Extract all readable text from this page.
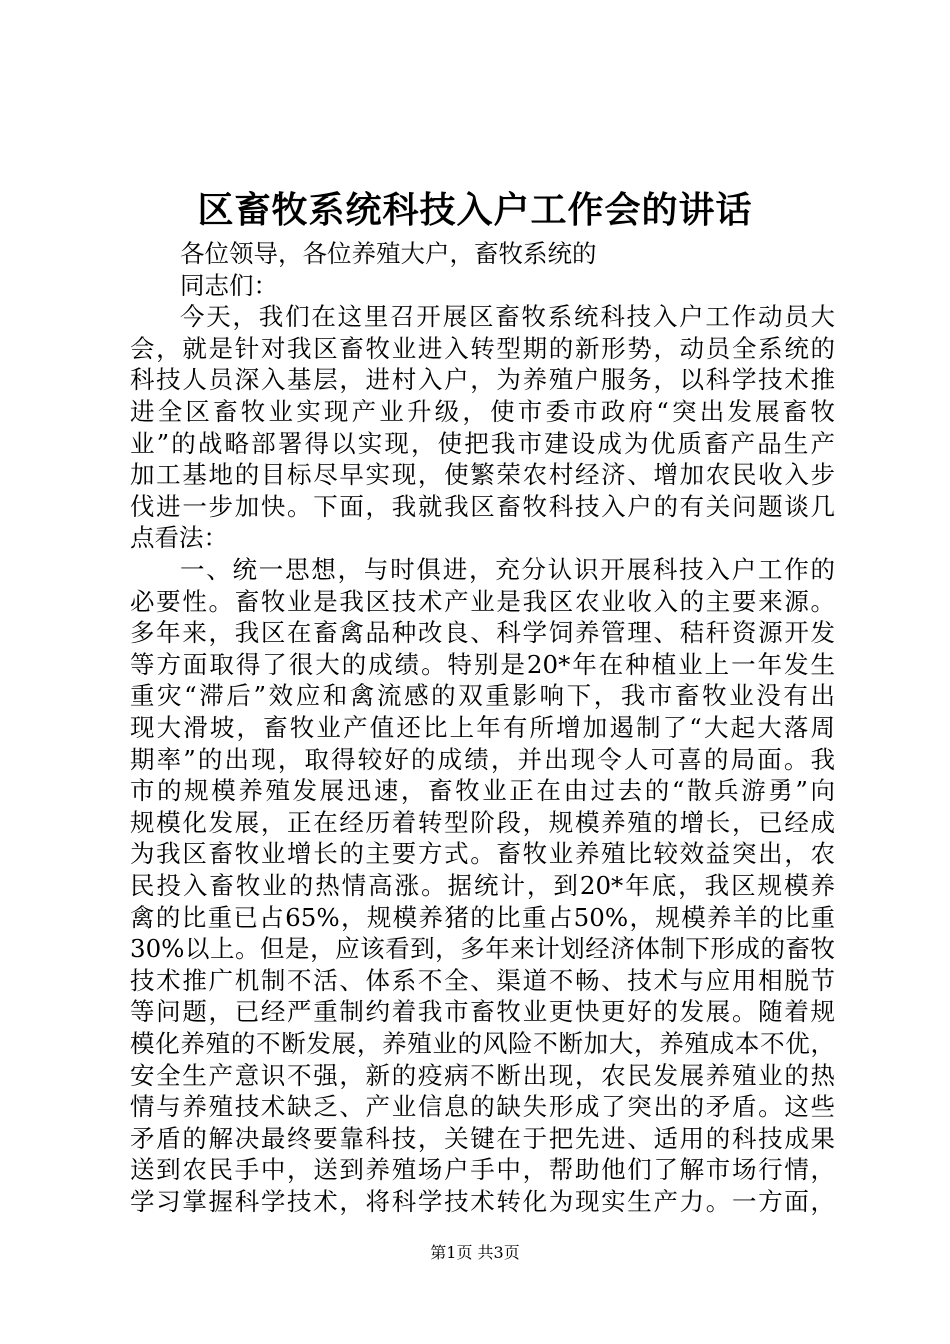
区畜牧系统科技入户工作会的讲话
各位领导，各位养殖大户，畜牧系统的
同志们：
今天，我们在这里召开展区畜牧系统科技入户工作动员大
会，就是针对我区畜牧业进入转型期的新形势，动员全系统的
科技人员深入基层，进村入户，为养殖户服务，以科学技术推
进全区畜牧业实现产业升级，使市委市政府“突出发展畜牧
业”的战略部署得以实现，使把我市建设成为优质畜产品生产
加工基地的目标尽早实现，使繁荣农村经济、增加农民收入步
伐进一步加快。下面，我就我区畜牧科技入户的有关问题谈几
点看法：
一、统一思想，与时俱进，充分认识开展科技入户工作的
必要性。畜牧业是我区技术产业是我区农业收入的主要来源。
多年来，我区在畜禽品种改良、科学饲养管理、秸秆资源开发
等方面取得了很大的成绩。特别是20*年在种植业上一年发生
重灾“滞后”效应和禽流感的双重影响下，我市畜牧业没有出
现大滑坡，畜牧业产值还比上年有所增加遏制了“大起大落周
期率”的出现，取得较好的成绩，并出现令人可喜的局面。我
市的规模养殖发展迅速，畜牧业正在由过去的“散兵游勇”向
规模化发展，正在经历着转型阶段，规模养殖的增长，已经成
为我区畜牧业增长的主要方式。畜牧业养殖比较效益突出，农
民投入畜牧业的热情高涨。据统计，到20*年底，我区规模养
禽的比重已占65%，规模养猪的比重占50%，规模养羊的比重
30%以上。但是，应该看到，多年来计划经济体制下形成的畜牧
技术推广机制不活、体系不全、渠道不畅、技术与应用相脱节
等问题，已经严重制约着我市畜牧业更快更好的发展。随着规
模化养殖的不断发展，养殖业的风险不断加大，养殖成本不优，
安全生产意识不强，新的疫病不断出现，农民发展养殖业的热
情与养殖技术缺乏、产业信息的缺失形成了突出的矛盾。这些
矛盾的解决最终要靠科技，关键在于把先进、适用的科技成果
送到农民手中，送到养殖场户手中，帮助他们了解市场行情，
学习掌握科学技术，将科学技术转化为现实生产力。一方面，
第1页 共3页
